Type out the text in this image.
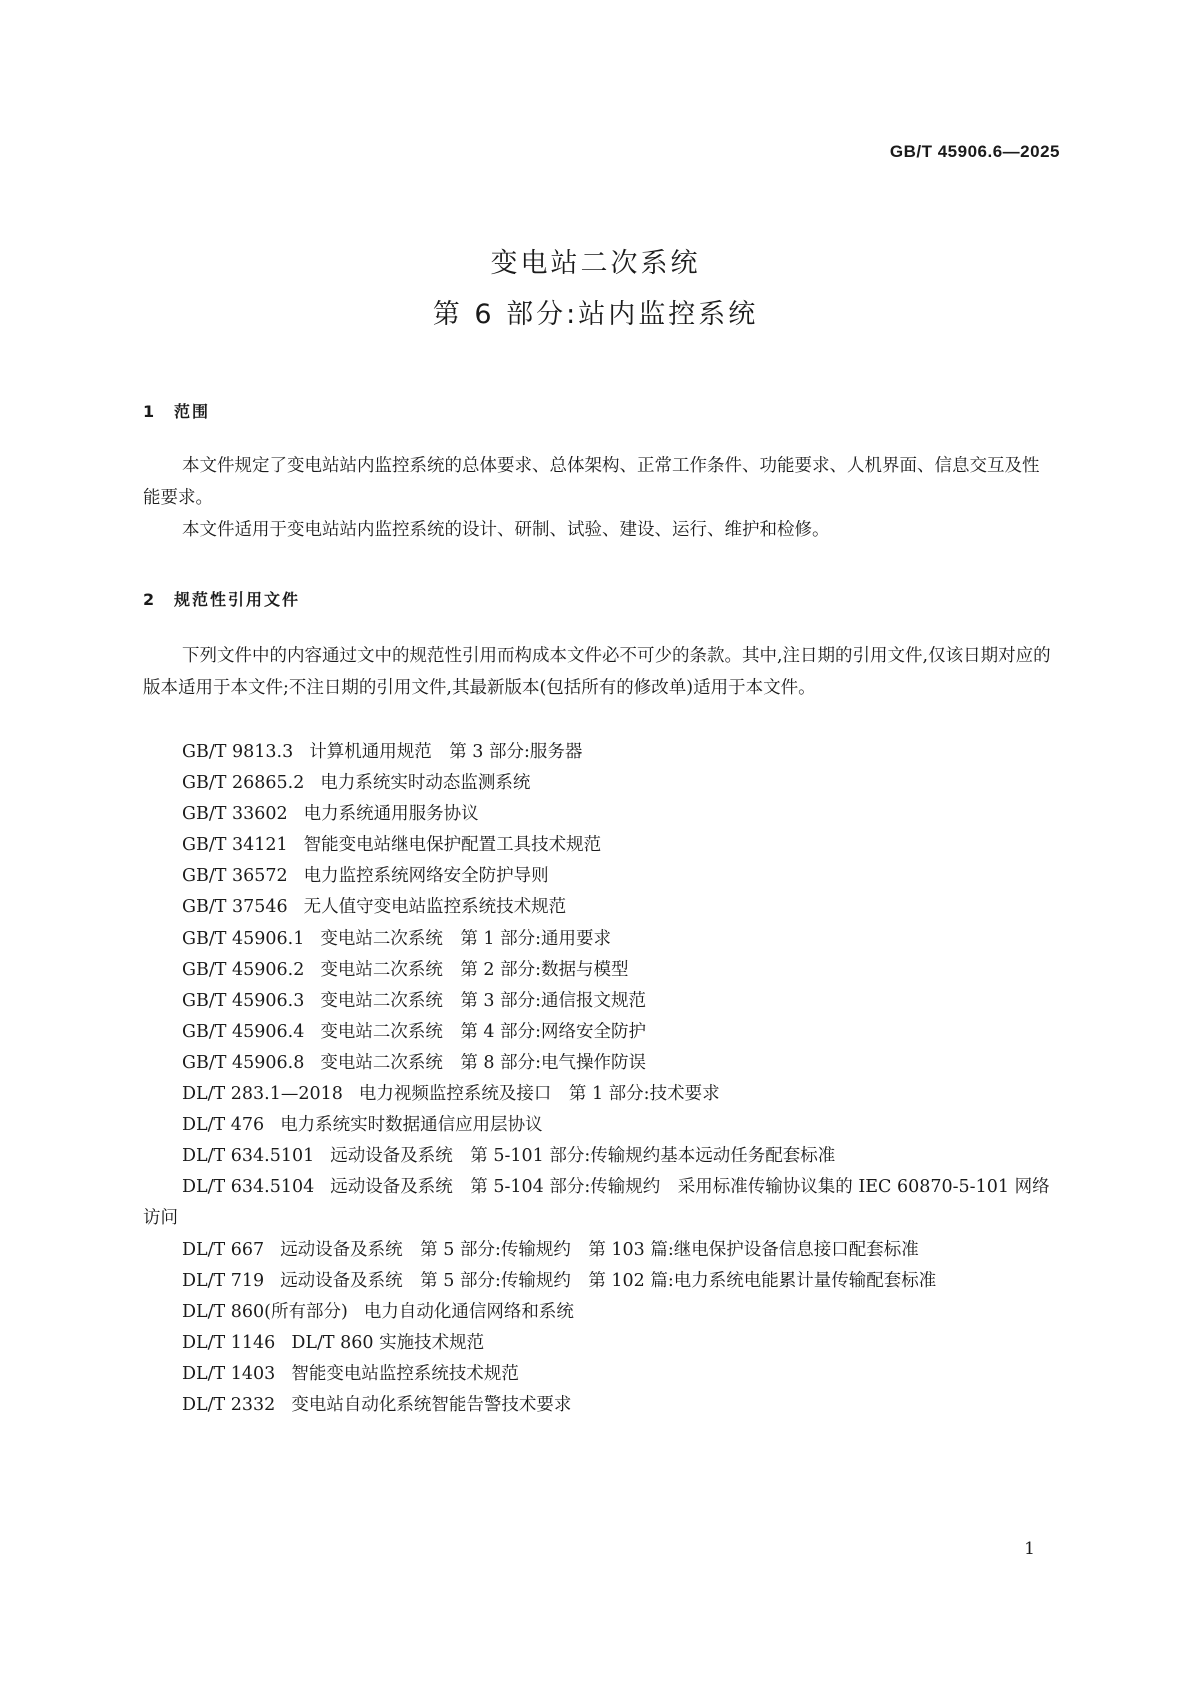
GB/T 45906.6—2025
变电站二次系统
第 6 部分:站内监控系统
1 范围

本文件规定了变电站站内监控系统的总体要求、总体架构、正常工作条件、功能要求、人机界面、信息交互及性能要求。

本文件适用于变电站站内监控系统的设计、研制、试验、建设、运行、维护和检修。

2 规范性引用文件

下列文件中的内容通过文中的规范性引用而构成本文件必不可少的条款。其中,注日期的引用文件,仅该日期对应的版本适用于本文件;不注日期的引用文件,其最新版本(包括所有的修改单)适用于本文件。

GB/T 9813.3 计算机通用规范　第 3 部分:服务器
GB/T 26865.2 电力系统实时动态监测系统
GB/T 33602 电力系统通用服务协议
GB/T 34121 智能变电站继电保护配置工具技术规范
GB/T 36572 电力监控系统网络安全防护导则
GB/T 37546 无人值守变电站监控系统技术规范
GB/T 45906.1 变电站二次系统　第 1 部分:通用要求
GB/T 45906.2 变电站二次系统　第 2 部分:数据与模型
GB/T 45906.3 变电站二次系统　第 3 部分:通信报文规范
GB/T 45906.4 变电站二次系统　第 4 部分:网络安全防护
GB/T 45906.8 变电站二次系统　第 8 部分:电气操作防误
DL/T 283.1—2018 电力视频监控系统及接口　第 1 部分:技术要求
DL/T 476 电力系统实时数据通信应用层协议
DL/T 634.5101 远动设备及系统　第 5-101 部分:传输规约基本远动任务配套标准
DL/T 634.5104 远动设备及系统　第 5-104 部分:传输规约　采用标准传输协议集的 IEC 60870-5-101 网络访问
DL/T 667 远动设备及系统　第 5 部分:传输规约　第 103 篇:继电保护设备信息接口配套标准
DL/T 719 远动设备及系统　第 5 部分:传输规约　第 102 篇:电力系统电能累计量传输配套标准
DL/T 860(所有部分) 电力自动化通信网络和系统
DL/T 1146 DL/T 860 实施技术规范
DL/T 1403 智能变电站监控系统技术规范
DL/T 2332 变电站自动化系统智能告警技术要求
1
